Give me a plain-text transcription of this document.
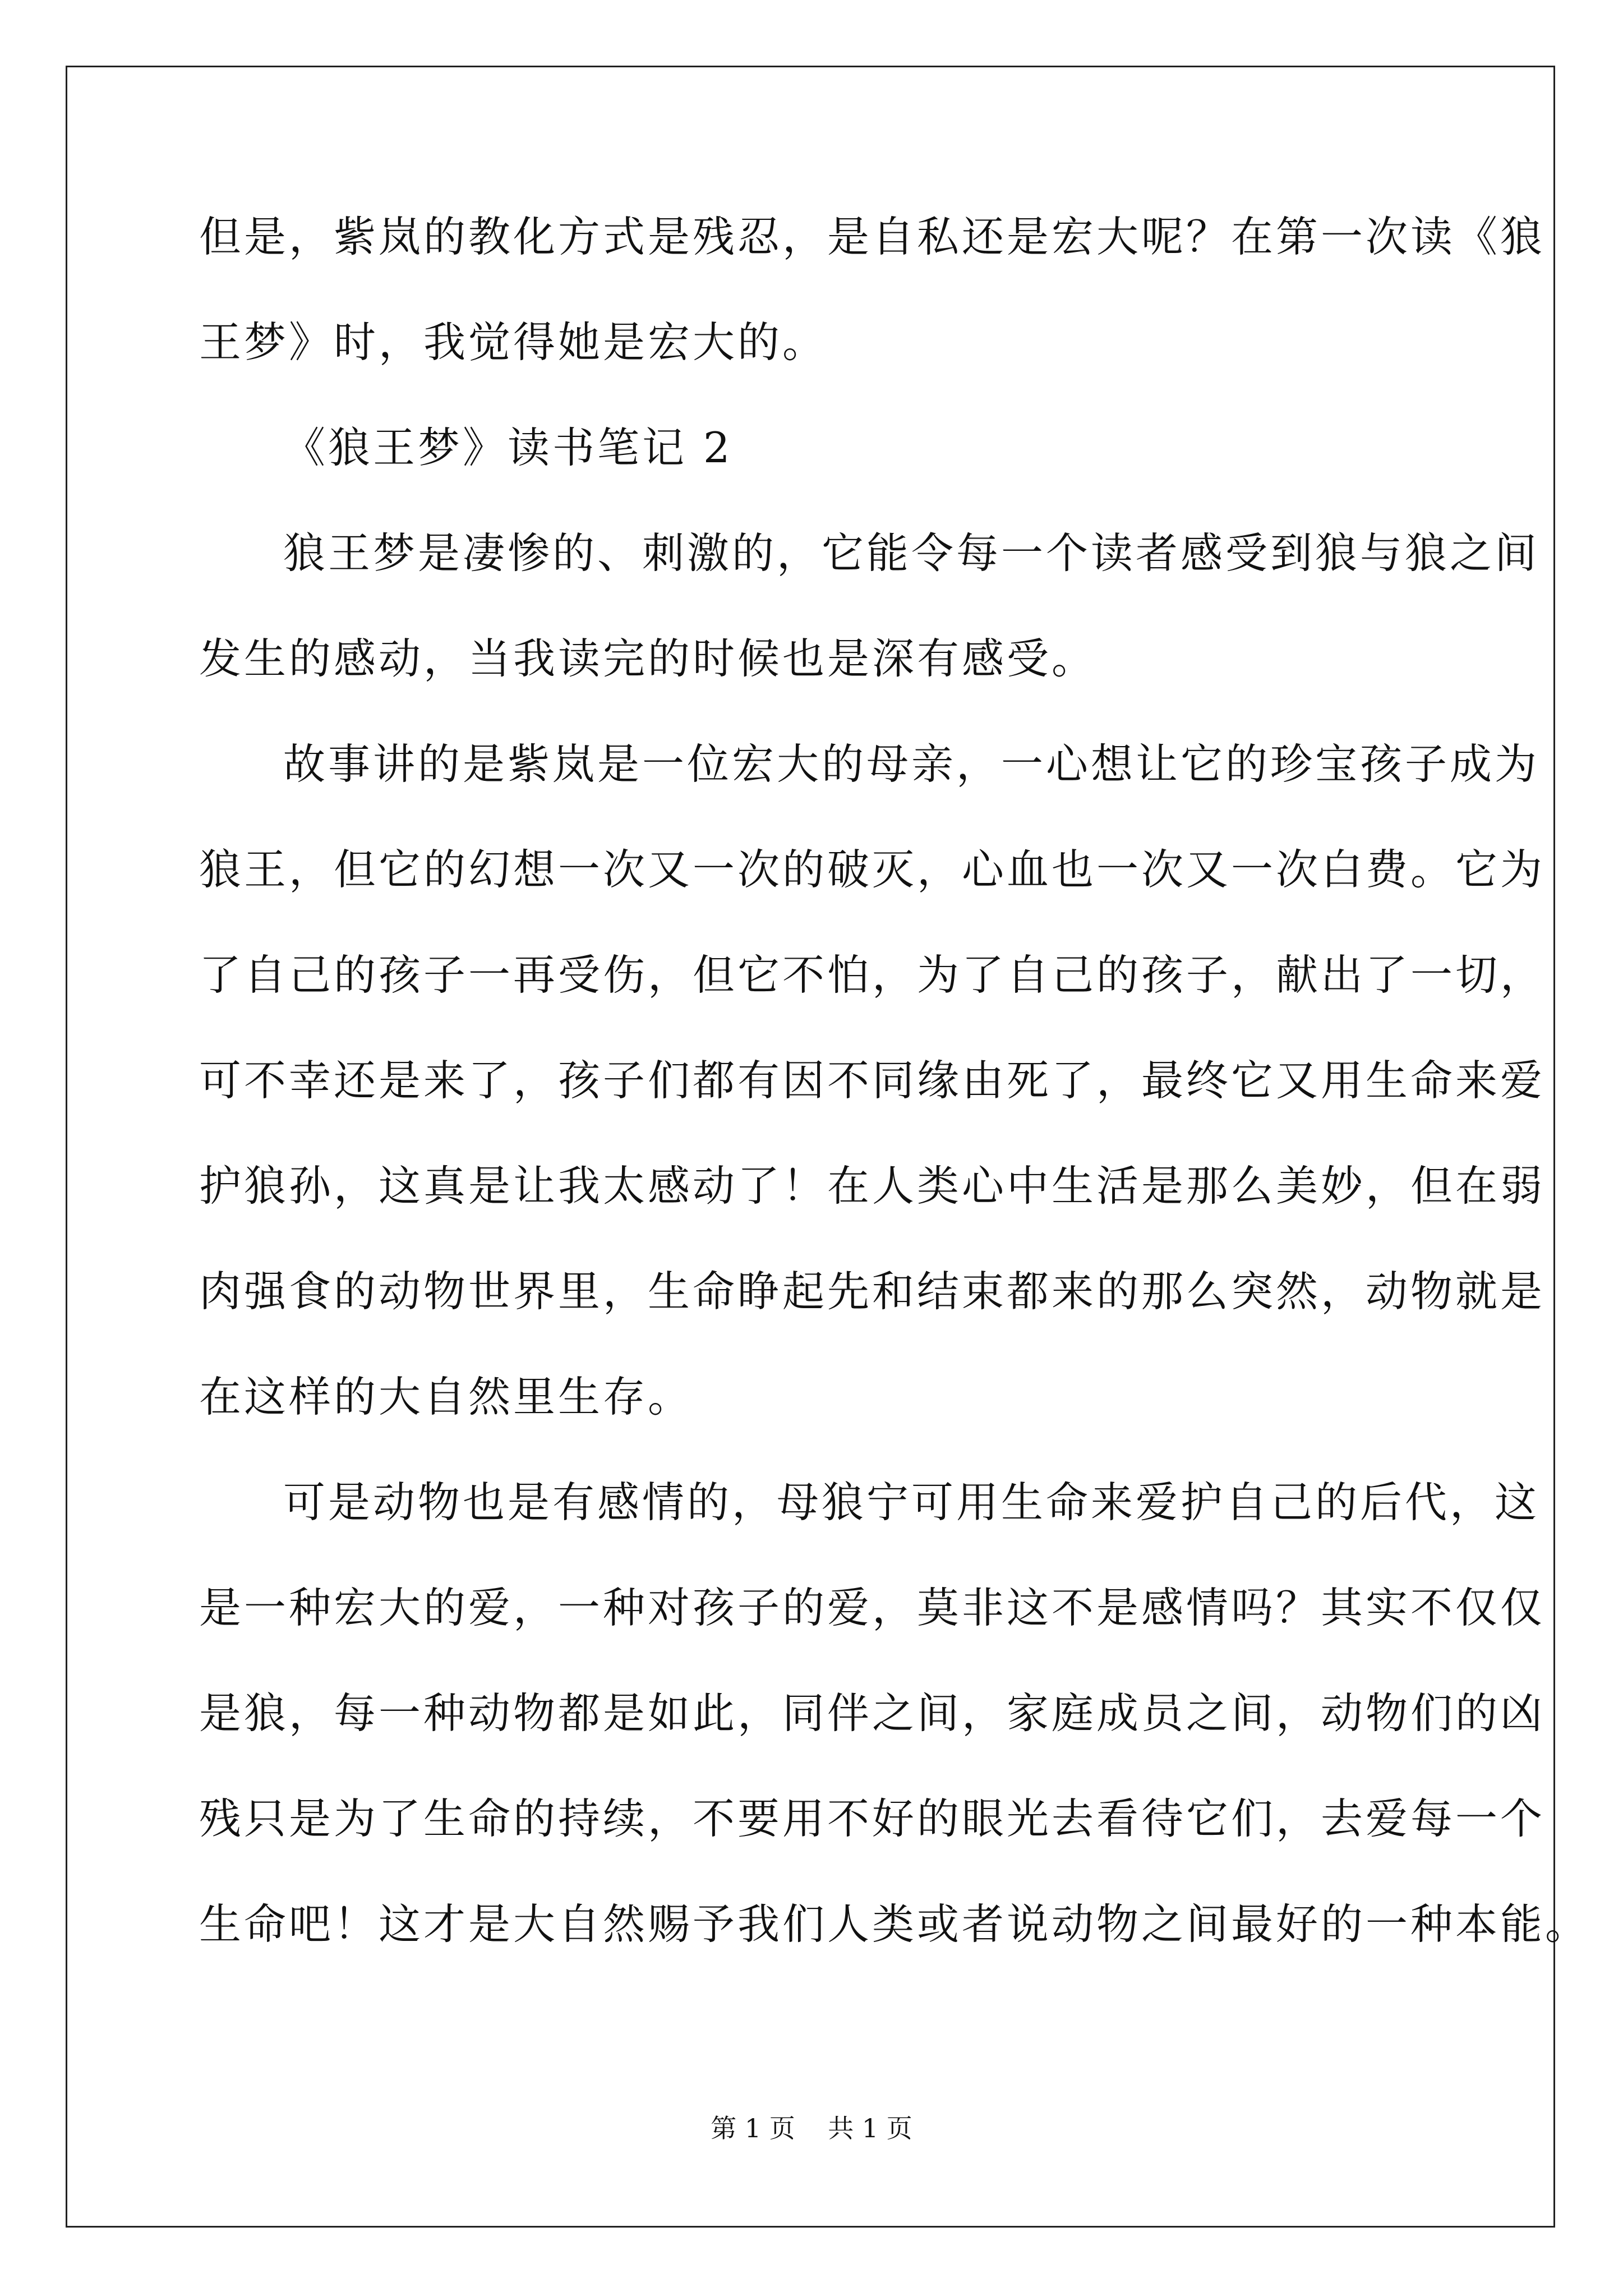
但是，紫岚的教化方式是残忍，是自私还是宏大呢？在第一次读《狼
王梦》时，我觉得她是宏大的。
《狼王梦》读书笔记 2
狼王梦是凄惨的、刺激的，它能令每一个读者感受到狼与狼之间
发生的感动，当我读完的时候也是深有感受。
故事讲的是紫岚是一位宏大的母亲，一心想让它的珍宝孩子成为
狼王，但它的幻想一次又一次的破灭，心血也一次又一次白费。它为
了自己的孩子一再受伤，但它不怕，为了自己的孩子，献出了一切，
可不幸还是来了，孩子们都有因不同缘由死了，最终它又用生命来爱
护狼孙，这真是让我太感动了！在人类心中生活是那么美妙，但在弱
肉强食的动物世界里，生命睁起先和结束都来的那么突然，动物就是
在这样的大自然里生存。
可是动物也是有感情的，母狼宁可用生命来爱护自己的后代，这
是一种宏大的爱，一种对孩子的爱，莫非这不是感情吗？其实不仅仅
是狼，每一种动物都是如此，同伴之间，家庭成员之间，动物们的凶
残只是为了生命的持续，不要用不好的眼光去看待它们，去爱每一个
生命吧！这才是大自然赐予我们人类或者说动物之间最好的一种本能。
第 1 页    共 1 页
